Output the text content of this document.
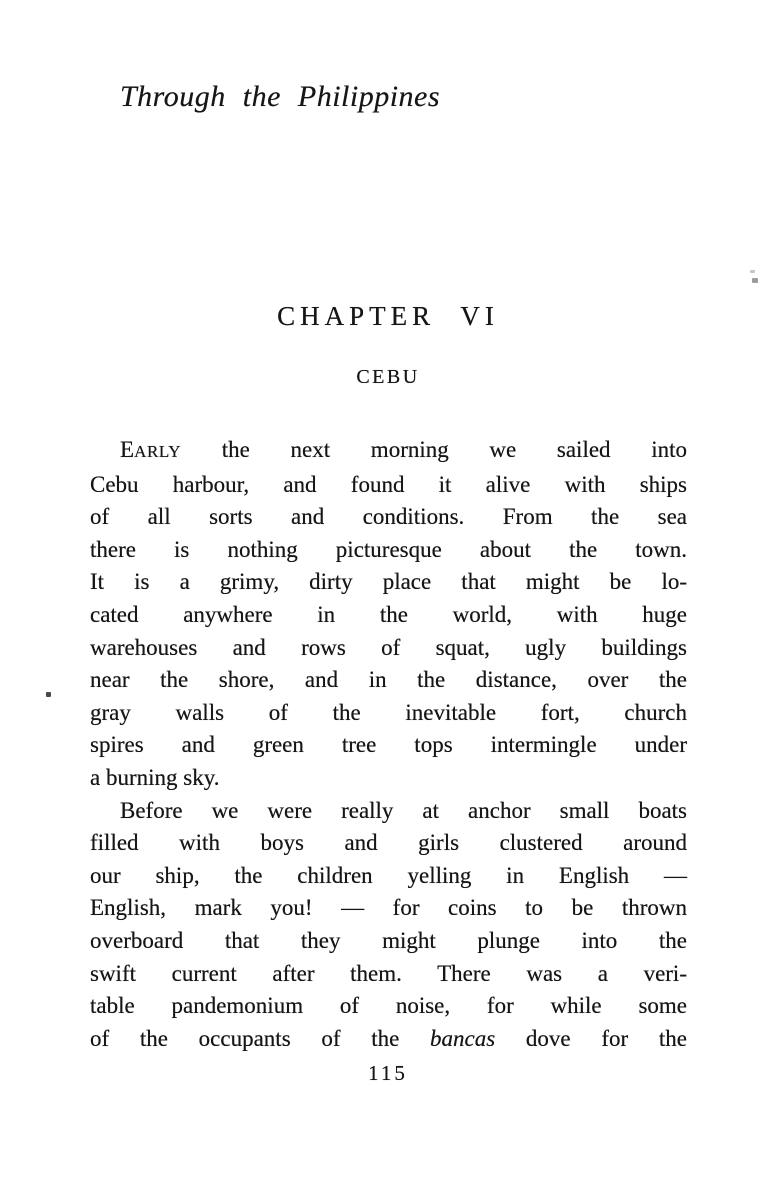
Through the Philippines
CHAPTER VI
CEBU
EARLY the next morning we sailed into
Cebu harbour, and found it alive with ships
of all sorts and conditions. From the sea
there is nothing picturesque about the town.
It is a grimy, dirty place that might be lo-
cated anywhere in the world, with huge
warehouses and rows of squat, ugly buildings
near the shore, and in the distance, over the
gray walls of the inevitable fort, church
spires and green tree tops intermingle under
a burning sky.
Before we were really at anchor small boats
filled with boys and girls clustered around
our ship, the children yelling in English —
English, mark you! — for coins to be thrown
overboard that they might plunge into the
swift current after them. There was a veri-
table pandemonium of noise, for while some
of the occupants of the bancas dove for the
115
